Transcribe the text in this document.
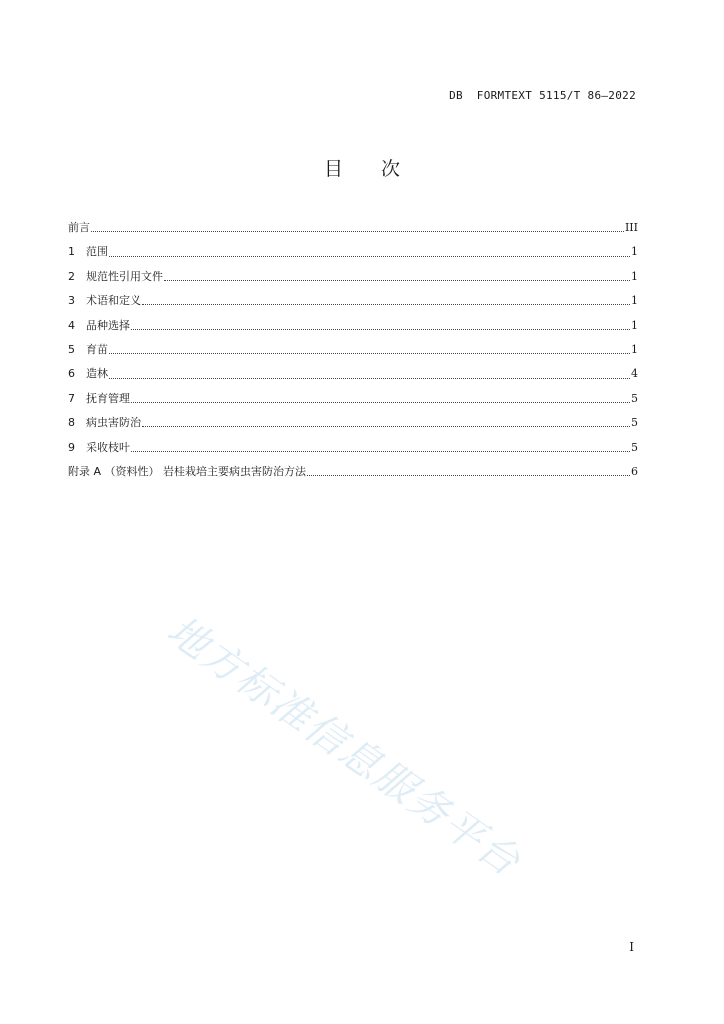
DB  FORMTEXT 5115/T 86—2022
目次
前言	III
1	范围	1
2	规范性引用文件	1
3	术语和定义	1
4	品种选择	1
5	育苗	1
6	造林	4
7	抚育管理	5
8	病虫害防治	5
9	采收枝叶	5
附录 A （资料性） 岩桂栽培主要病虫害防治方法	6
地方标准信息服务平台
I
